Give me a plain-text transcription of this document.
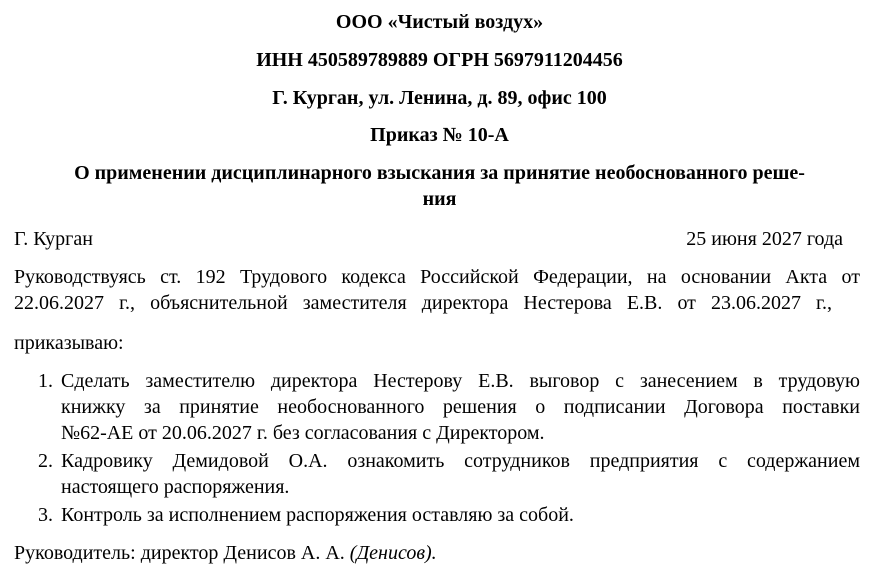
ООО «Чистый воздух»
ИНН 450589789889 ОГРН 5697911204456
Г. Курган, ул. Ленина, д. 89, офис 100
Приказ № 10-А
О применении дисциплинарного взыскания за принятие необоснованного реше-
ния
Г. Курган	25 июня 2027 года
Руководствуясь ст. 192 Трудового кодекса Российской Федерации, на основании Акта от
22.06.2027 г., объяснительной заместителя директора Нестерова Е.В. от 23.06.2027 г.,
приказываю:
1. Сделать заместителю директора Нестерову Е.В. выговор с занесением в трудовую
книжку за принятие необоснованного решения о подписании Договора поставки
№62-АЕ от 20.06.2027 г. без согласования с Директором.
2. Кадровику Демидовой О.А. ознакомить сотрудников предприятия с содержанием
настоящего распоряжения.
3. Контроль за исполнением распоряжения оставляю за собой.
Руководитель: директор Денисов А. А. (Денисов).
